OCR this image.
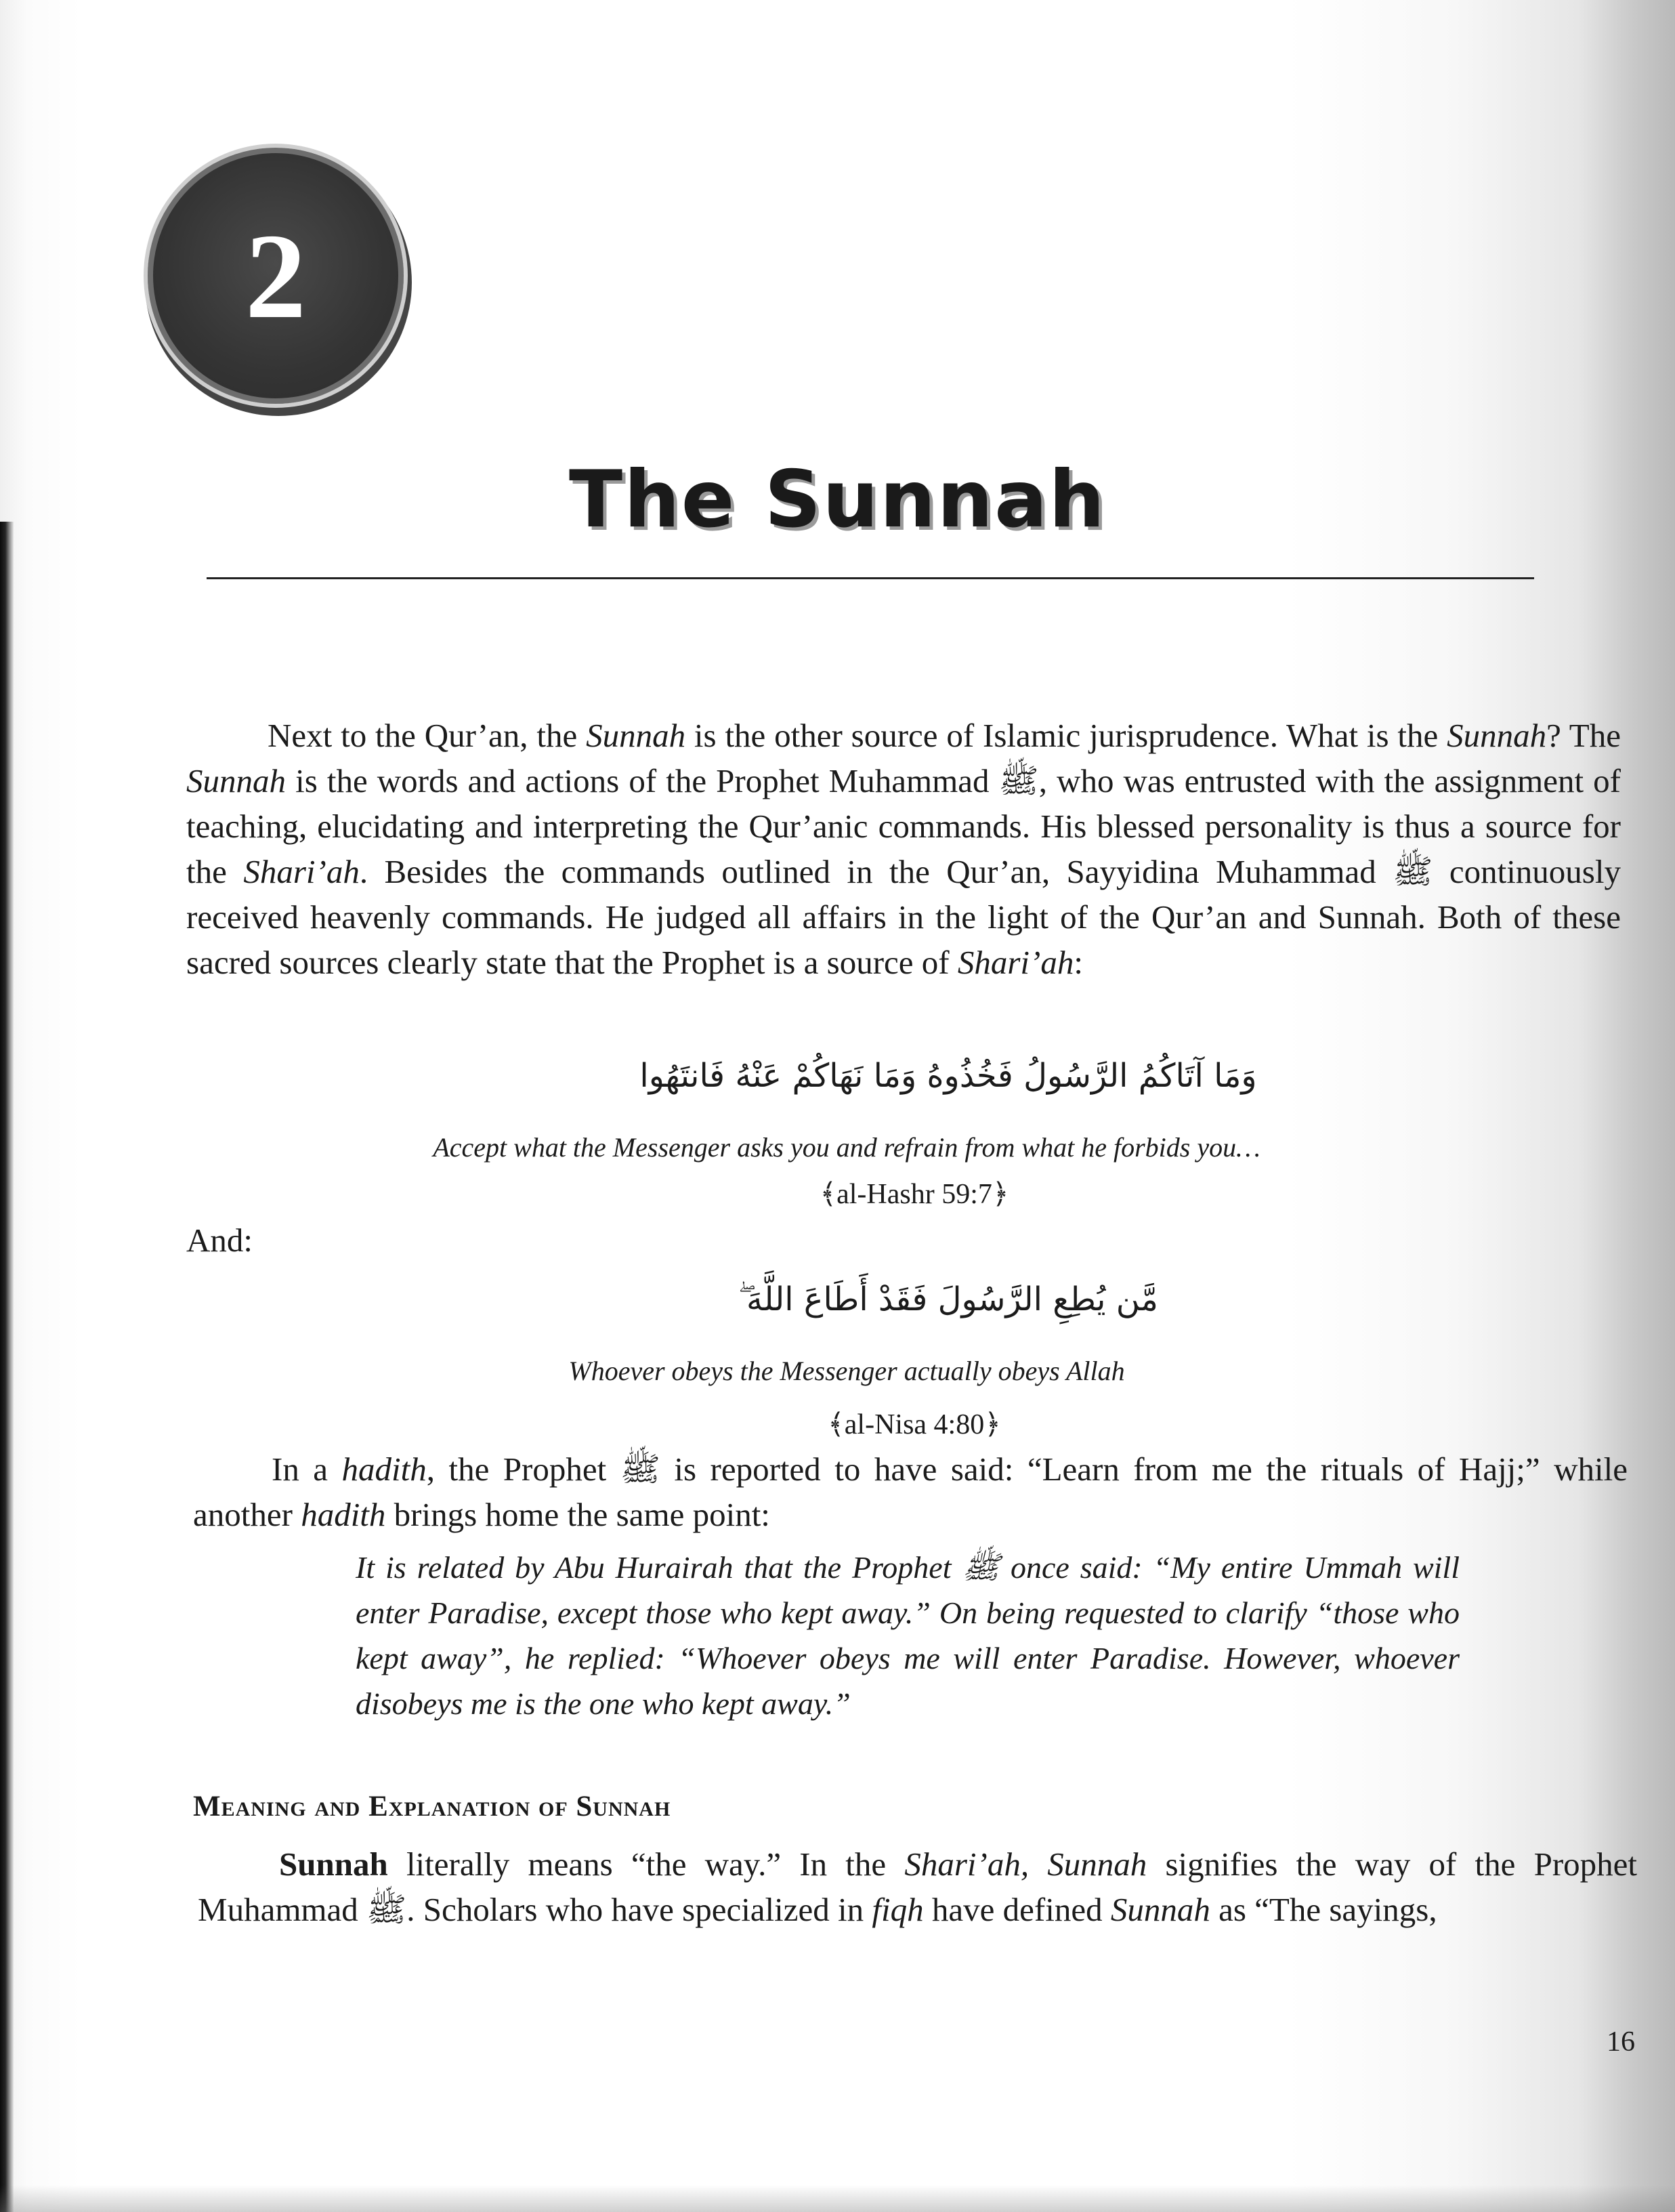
2
The Sunnah

Next to the Qur’an, the Sunnah is the other source of Islamic jurisprudence. What is the Sunnah? The Sunnah is the words and actions of the Prophet Muhammad ﷺ, who was entrusted with the assignment of teaching, elucidating and interpreting the Qur’anic commands. His blessed personality is thus a source for the Shari’ah. Besides the commands outlined in the Qur’an, Sayyidina Muhammad ﷺ continuously received heavenly commands. He judged all affairs in the light of the Qur’an and Sunnah. Both of these sacred sources clearly state that the Prophet is a source of Shari’ah:

وَمَا آتَاكُمُ الرَّسُولُ فَخُذُوهُ وَمَا نَهَاكُمْ عَنْهُ فَانتَهُوا
Accept what the Messenger asks you and refrain from what he forbids you…
﴾al-Hashr 59:7﴿
And:
مَّن يُطِعِ الرَّسُولَ فَقَدْ أَطَاعَ اللَّهَ ۖ
Whoever obeys the Messenger actually obeys Allah
﴾al-Nisa 4:80﴿

In a hadith, the Prophet ﷺ is reported to have said: “Learn from me the rituals of Hajj;” while another hadith brings home the same point:

It is related by Abu Hurairah that the Prophet ﷺ once said: “My entire Ummah will enter Paradise, except those who kept away.” On being requested to clarify “those who kept away”, he replied: “Whoever obeys me will enter Paradise. However, whoever disobeys me is the one who kept away.”

Meaning and Explanation of Sunnah

Sunnah literally means “the way.” In the Shari’ah, Sunnah signifies the way of the Prophet Muhammad ﷺ. Scholars who have specialized in fiqh have defined Sunnah as “The sayings,

16
